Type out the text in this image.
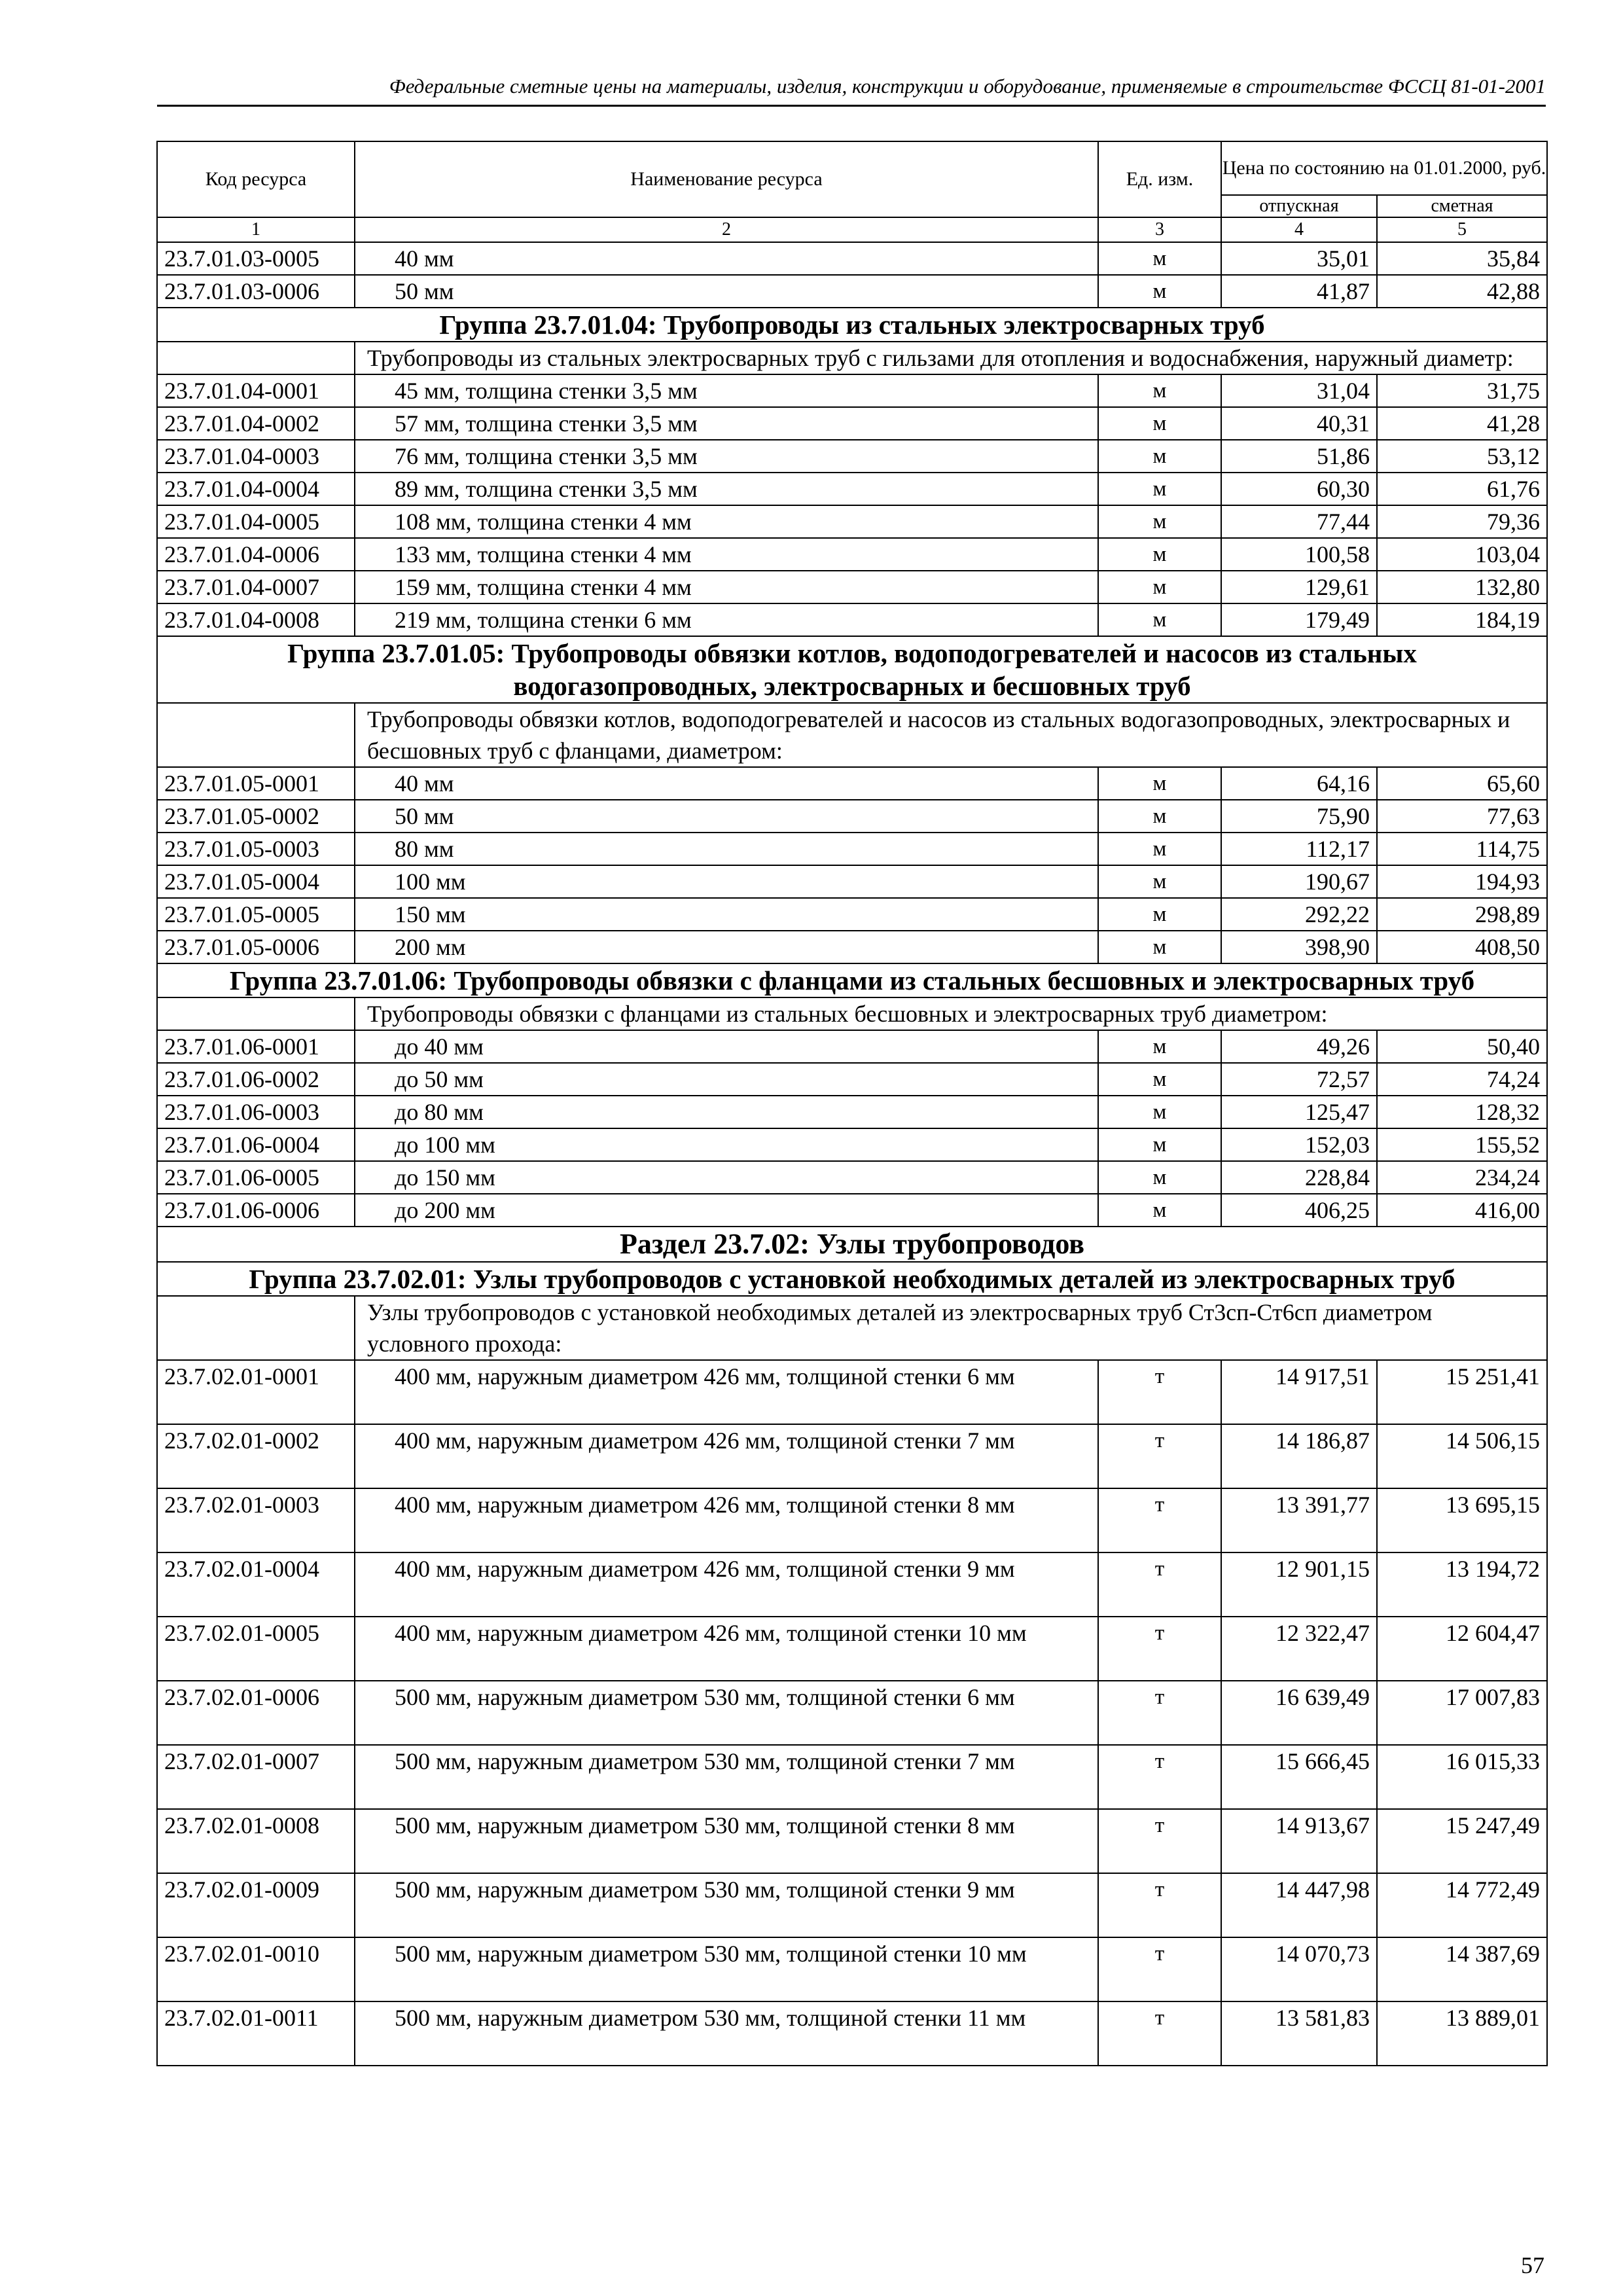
Федеральные сметные цены на материалы, изделия, конструкции и оборудование, применяемые в строительстве ФССЦ 81-01-2001
Код ресурса	Наименование ресурса	Ед. изм.	Цена по состоянию на 01.01.2000, руб.	
			отпускная	сметная
1	2	3	4	5
23.7.01.03-0005	40 мм	м	35,01	35,84
23.7.01.03-0006	50 мм	м	41,87	42,88
Группа 23.7.01.04: Трубопроводы из стальных электросварных труб				
	Трубопроводы из стальных электросварных труб с гильзами для отопления и водоснабжения, наружный диаметр:			
23.7.01.04-0001	45 мм, толщина стенки 3,5 мм	м	31,04	31,75
23.7.01.04-0002	57 мм, толщина стенки 3,5 мм	м	40,31	41,28
23.7.01.04-0003	76 мм, толщина стенки 3,5 мм	м	51,86	53,12
23.7.01.04-0004	89 мм, толщина стенки 3,5 мм	м	60,30	61,76
23.7.01.04-0005	108 мм, толщина стенки 4 мм	м	77,44	79,36
23.7.01.04-0006	133 мм, толщина стенки 4 мм	м	100,58	103,04
23.7.01.04-0007	159 мм, толщина стенки 4 мм	м	129,61	132,80
23.7.01.04-0008	219 мм, толщина стенки 6 мм	м	179,49	184,19
Группа 23.7.01.05: Трубопроводы обвязки котлов, водоподогревателей и насосов из стальных водогазопроводных, электросварных и бесшовных труб				
	Трубопроводы обвязки котлов, водоподогревателей и насосов из стальных водогазопроводных, электросварных и бесшовных труб с фланцами, диаметром:			
23.7.01.05-0001	40 мм	м	64,16	65,60
23.7.01.05-0002	50 мм	м	75,90	77,63
23.7.01.05-0003	80 мм	м	112,17	114,75
23.7.01.05-0004	100 мм	м	190,67	194,93
23.7.01.05-0005	150 мм	м	292,22	298,89
23.7.01.05-0006	200 мм	м	398,90	408,50
Группа 23.7.01.06: Трубопроводы обвязки с фланцами из стальных бесшовных и электросварных труб				
	Трубопроводы обвязки с фланцами из стальных бесшовных и электросварных труб диаметром:			
23.7.01.06-0001	до 40 мм	м	49,26	50,40
23.7.01.06-0002	до 50 мм	м	72,57	74,24
23.7.01.06-0003	до 80 мм	м	125,47	128,32
23.7.01.06-0004	до 100 мм	м	152,03	155,52
23.7.01.06-0005	до 150 мм	м	228,84	234,24
23.7.01.06-0006	до 200 мм	м	406,25	416,00
Раздел 23.7.02: Узлы трубопроводов				
Группа 23.7.02.01: Узлы трубопроводов с установкой необходимых деталей из электросварных труб				
	Узлы трубопроводов с установкой необходимых деталей из электросварных труб Ст3сп-Ст6сп диаметром условного прохода:			
23.7.02.01-0001	400 мм, наружным диаметром 426 мм, толщиной стенки 6 мм	т	14 917,51	15 251,41
23.7.02.01-0002	400 мм, наружным диаметром 426 мм, толщиной стенки 7 мм	т	14 186,87	14 506,15
23.7.02.01-0003	400 мм, наружным диаметром 426 мм, толщиной стенки 8 мм	т	13 391,77	13 695,15
23.7.02.01-0004	400 мм, наружным диаметром 426 мм, толщиной стенки 9 мм	т	12 901,15	13 194,72
23.7.02.01-0005	400 мм, наружным диаметром 426 мм, толщиной стенки 10 мм	т	12 322,47	12 604,47
23.7.02.01-0006	500 мм, наружным диаметром 530 мм, толщиной стенки 6 мм	т	16 639,49	17 007,83
23.7.02.01-0007	500 мм, наружным диаметром 530 мм, толщиной стенки 7 мм	т	15 666,45	16 015,33
23.7.02.01-0008	500 мм, наружным диаметром 530 мм, толщиной стенки 8 мм	т	14 913,67	15 247,49
23.7.02.01-0009	500 мм, наружным диаметром 530 мм, толщиной стенки 9 мм	т	14 447,98	14 772,49
23.7.02.01-0010	500 мм, наружным диаметром 530 мм, толщиной стенки 10 мм	т	14 070,73	14 387,69
23.7.02.01-0011	500 мм, наружным диаметром 530 мм, толщиной стенки 11 мм	т	13 581,83	13 889,01
57
